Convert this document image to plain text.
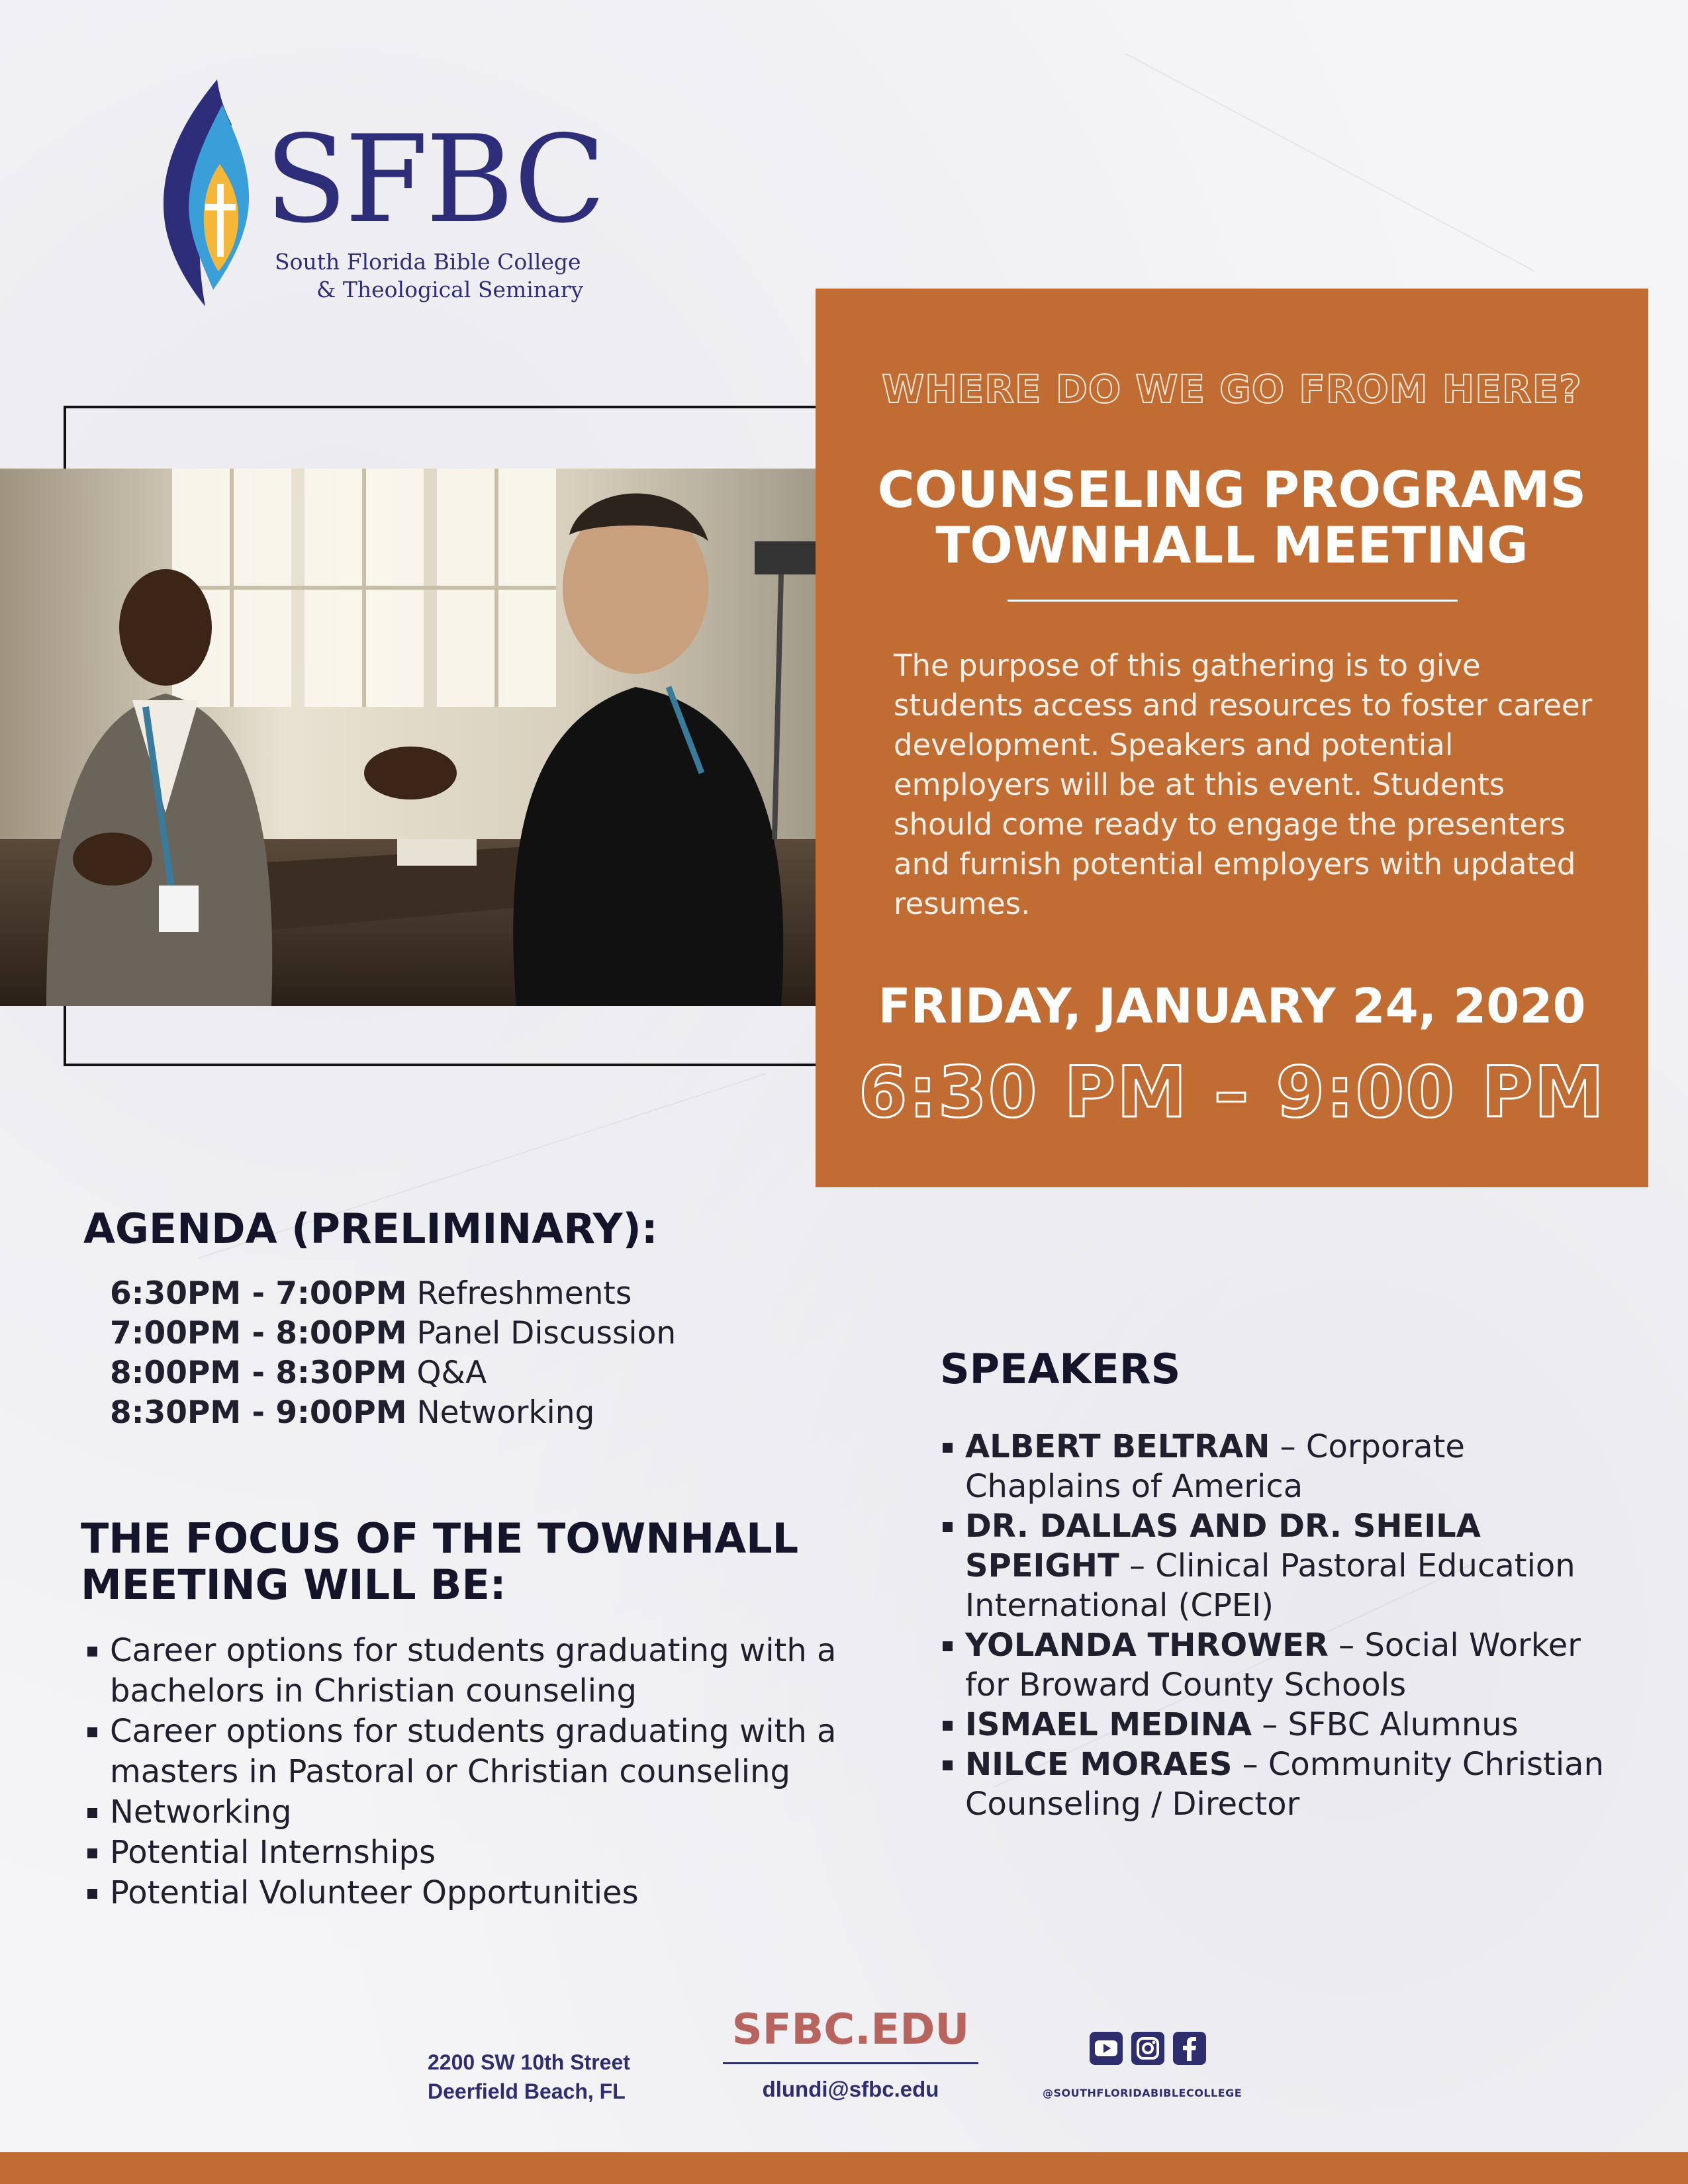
SFBC
South Florida Bible College
& Theological Seminary
WHERE DO WE GO FROM HERE?
COUNSELING PROGRAMS
TOWNHALL MEETING
The purpose of this gathering is to give students access and resources to foster career development. Speakers and potential employers will be at this event. Students should come ready to engage the presenters and furnish potential employers with updated resumes.
FRIDAY, JANUARY 24, 2020
6:30 PM – 9:00 PM
AGENDA (PRELIMINARY):
6:30PM - 7:00PM Refreshments
7:00PM - 8:00PM Panel Discussion
8:00PM - 8:30PM Q&A
8:30PM - 9:00PM Networking
THE FOCUS OF THE TOWNHALL
MEETING WILL BE:
Career options for students graduating with a bachelors in Christian counseling
Career options for students graduating with a masters in Pastoral or Christian counseling
Networking
Potential Internships
Potential Volunteer Opportunities
SPEAKERS
ALBERT BELTRAN – Corporate Chaplains of America
DR. DALLAS AND DR. SHEILA SPEIGHT – Clinical Pastoral Education International (CPEI)
YOLANDA THROWER – Social Worker for Broward County Schools
ISMAEL MEDINA – SFBC Alumnus
NILCE MORAES – Community Christian Counseling / Director
2200 SW 10th Street
Deerfield Beach, FL
SFBC.EDU
dlundi@sfbc.edu
	@SOUTHFLORIDABIBLECOLLEGE
